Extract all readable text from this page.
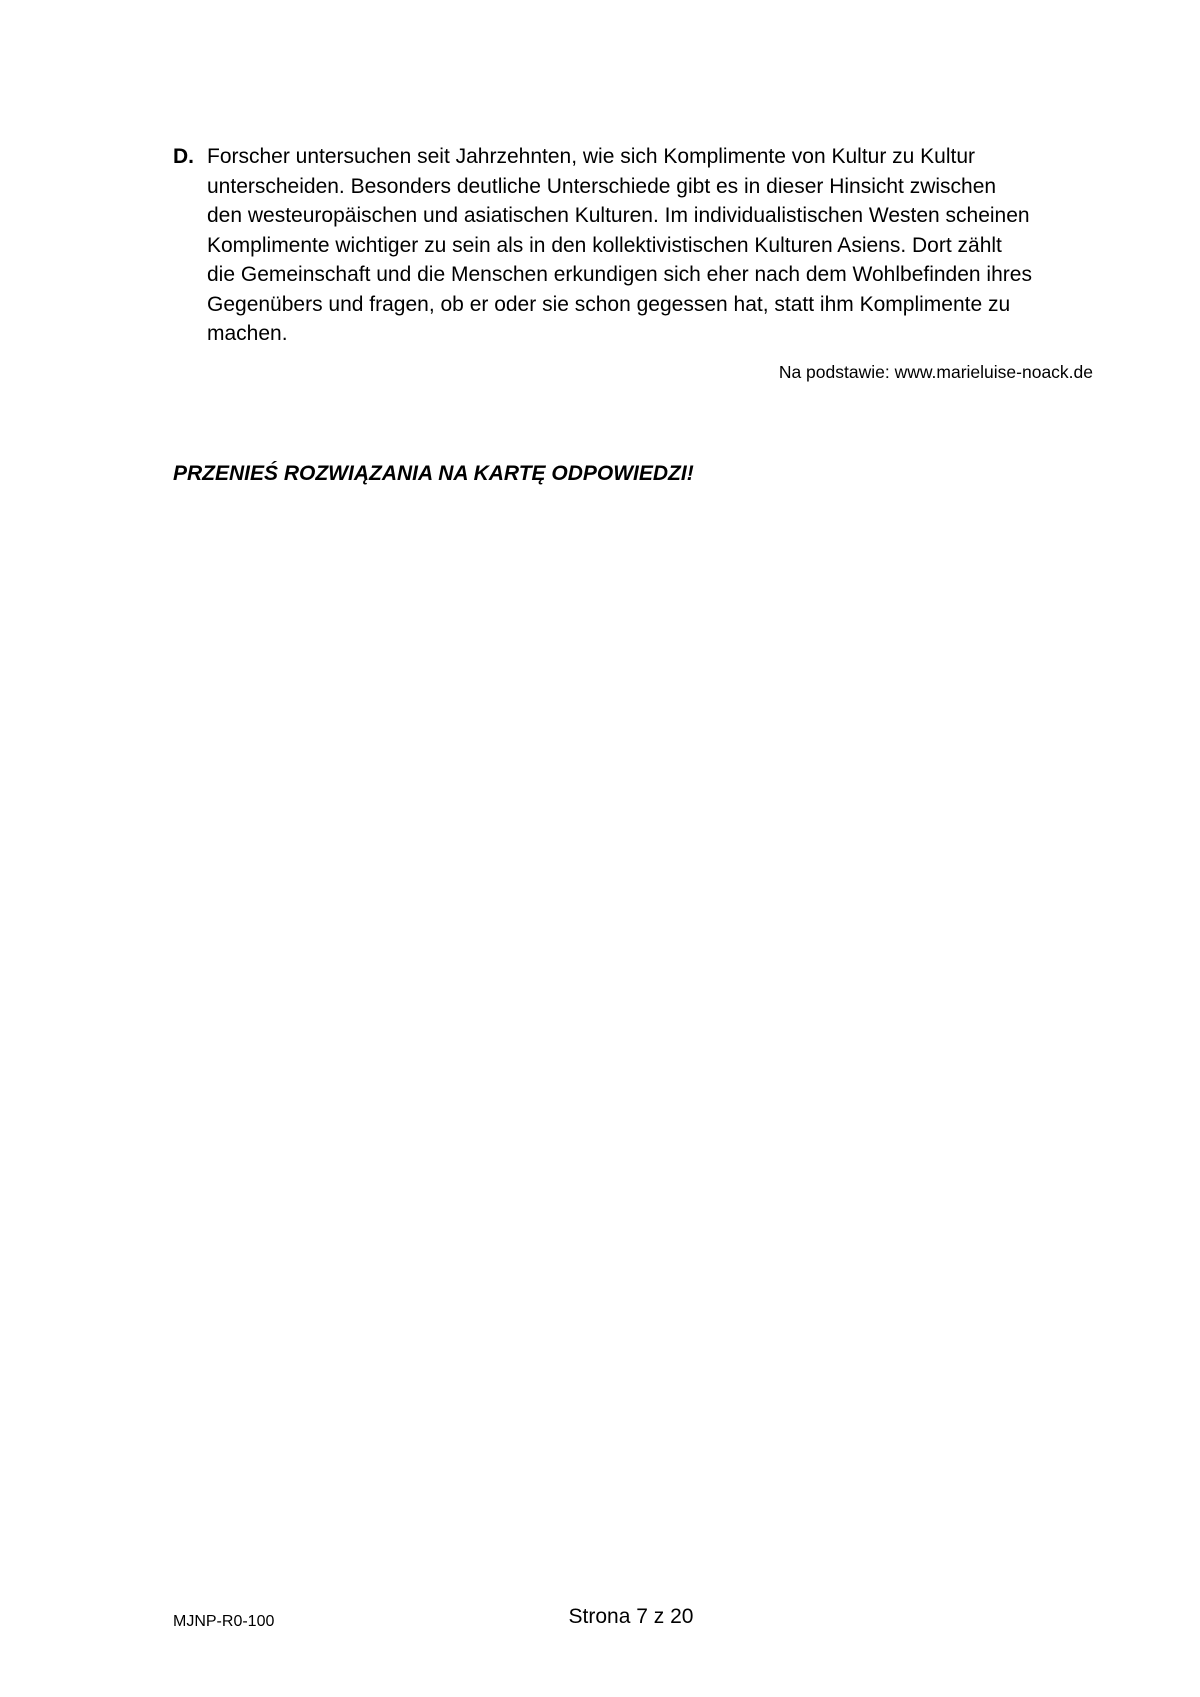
D. Forscher untersuchen seit Jahrzehnten, wie sich Komplimente von Kultur zu Kultur
unterscheiden. Besonders deutliche Unterschiede gibt es in dieser Hinsicht zwischen
den westeuropäischen und asiatischen Kulturen. Im individualistischen Westen scheinen
Komplimente wichtiger zu sein als in den kollektivistischen Kulturen Asiens. Dort zählt
die Gemeinschaft und die Menschen erkundigen sich eher nach dem Wohlbefinden ihres
Gegenübers und fragen, ob er oder sie schon gegessen hat, statt ihm Komplimente zu
machen.
Na podstawie: www.marieluise-noack.de
PRZENIEŚ ROZWIĄZANIA NA KARTĘ ODPOWIEDZI!
MJNP-R0-100	Strona 7 z 20
